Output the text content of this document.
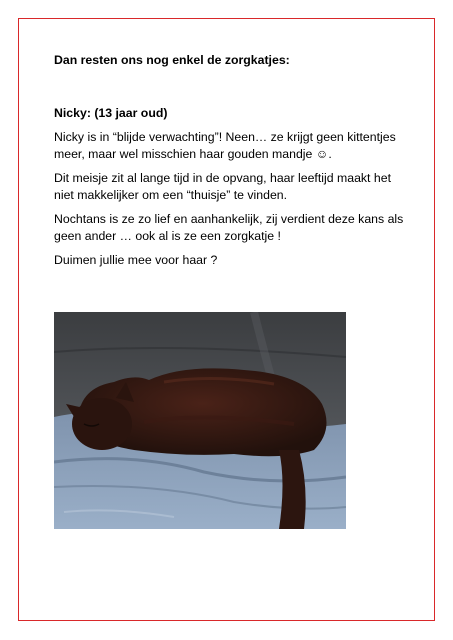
Dan resten ons nog enkel de zorgkatjes:

Nicky: (13 jaar oud)

Nicky is in “blijde verwachting”! Neen… ze krijgt geen kittentjes meer, maar wel misschien haar gouden mandje ☺.

Dit meisje zit al lange tijd in de opvang, haar leeftijd maakt het niet makkelijker om een “thuisje” te vinden.

Nochtans is ze zo lief en aanhankelijk, zij verdient deze kans als geen ander … ook al is ze een zorgkatje !

Duimen jullie mee voor haar ?
